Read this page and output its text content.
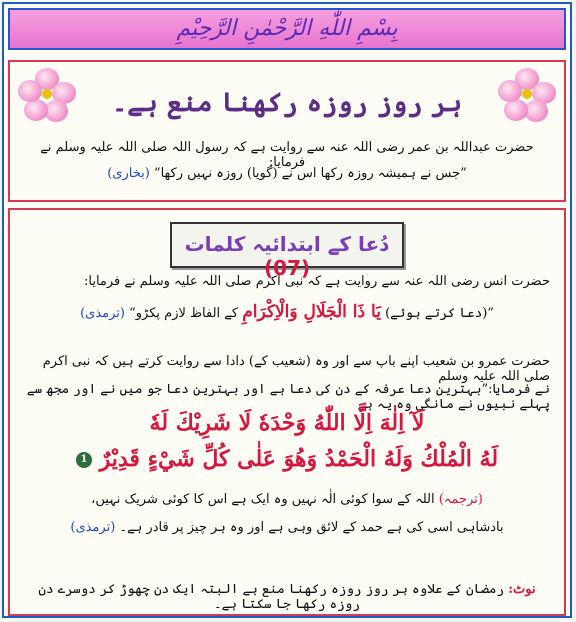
بِسْمِ اللّٰهِ الرَّحْمٰنِ الرَّحِیْمِ
ہر روز روزہ رکھنا منع ہے۔
حضرت عبداللہ بن عمر رضی اللہ عنہ سے روایت ہے کہ رسول اللہ صلی اللہ علیہ وسلم نے فرمایا:
”جس نے ہمیشہ روزہ رکھا اس نے (گویا) روزہ نہیں رکھا“ (بخاری)
دُعا کے ابتدائیہ کلمات (07)
حضرت انس رضی اللہ عنہ سے روایت ہے کہ نبی اکرم صلی اللہ علیہ وسلم نے فرمایا:
”(دعا کرتے ہوئے) یَا ذَا الْجَلَالِ وَالْاِکْرَامِ کے الفاظ لازم پکڑو“ (ترمذی)
حضرت عمرو بن شعیب اپنے باپ سے اور وہ (شعیب کے) دادا سے روایت کرتے ہیں کہ نبی اکرم صلی اللہ علیہ وسلم
نے فرمایا:”بہترین دعا عرفہ کے دن کی دعا ہے اور بہترین دعا جو میں نے اور مجھ سے پہلے نبیوں نے مانگی وہ یہ ہے
لَآ اِلٰهَ اِلَّا اللّٰهُ وَحْدَهٗ لَا شَرِيْكَ لَهٗ
لَهُ الْمُلْكُ وَلَهُ الْحَمْدُ وَهُوَ عَلٰى كُلِّ شَيْءٍ قَدِيْرٌ 1
(ترجمہ) اللہ کے سوا کوئی الٰہ نہیں وہ ایک ہے اس کا کوئی شریک نہیں،
بادشاہی اسی کی ہے حمد کے لائق وہی ہے اور وہ ہر چیز پر قادر ہے۔ (ترمذی)
نوٹ: رمضان کے علاوہ ہر روز روزہ رکھنا منع ہے البتہ ایک دن چھوڑ کر دوسرے دن روزہ رکھا جا سکتا ہے۔
